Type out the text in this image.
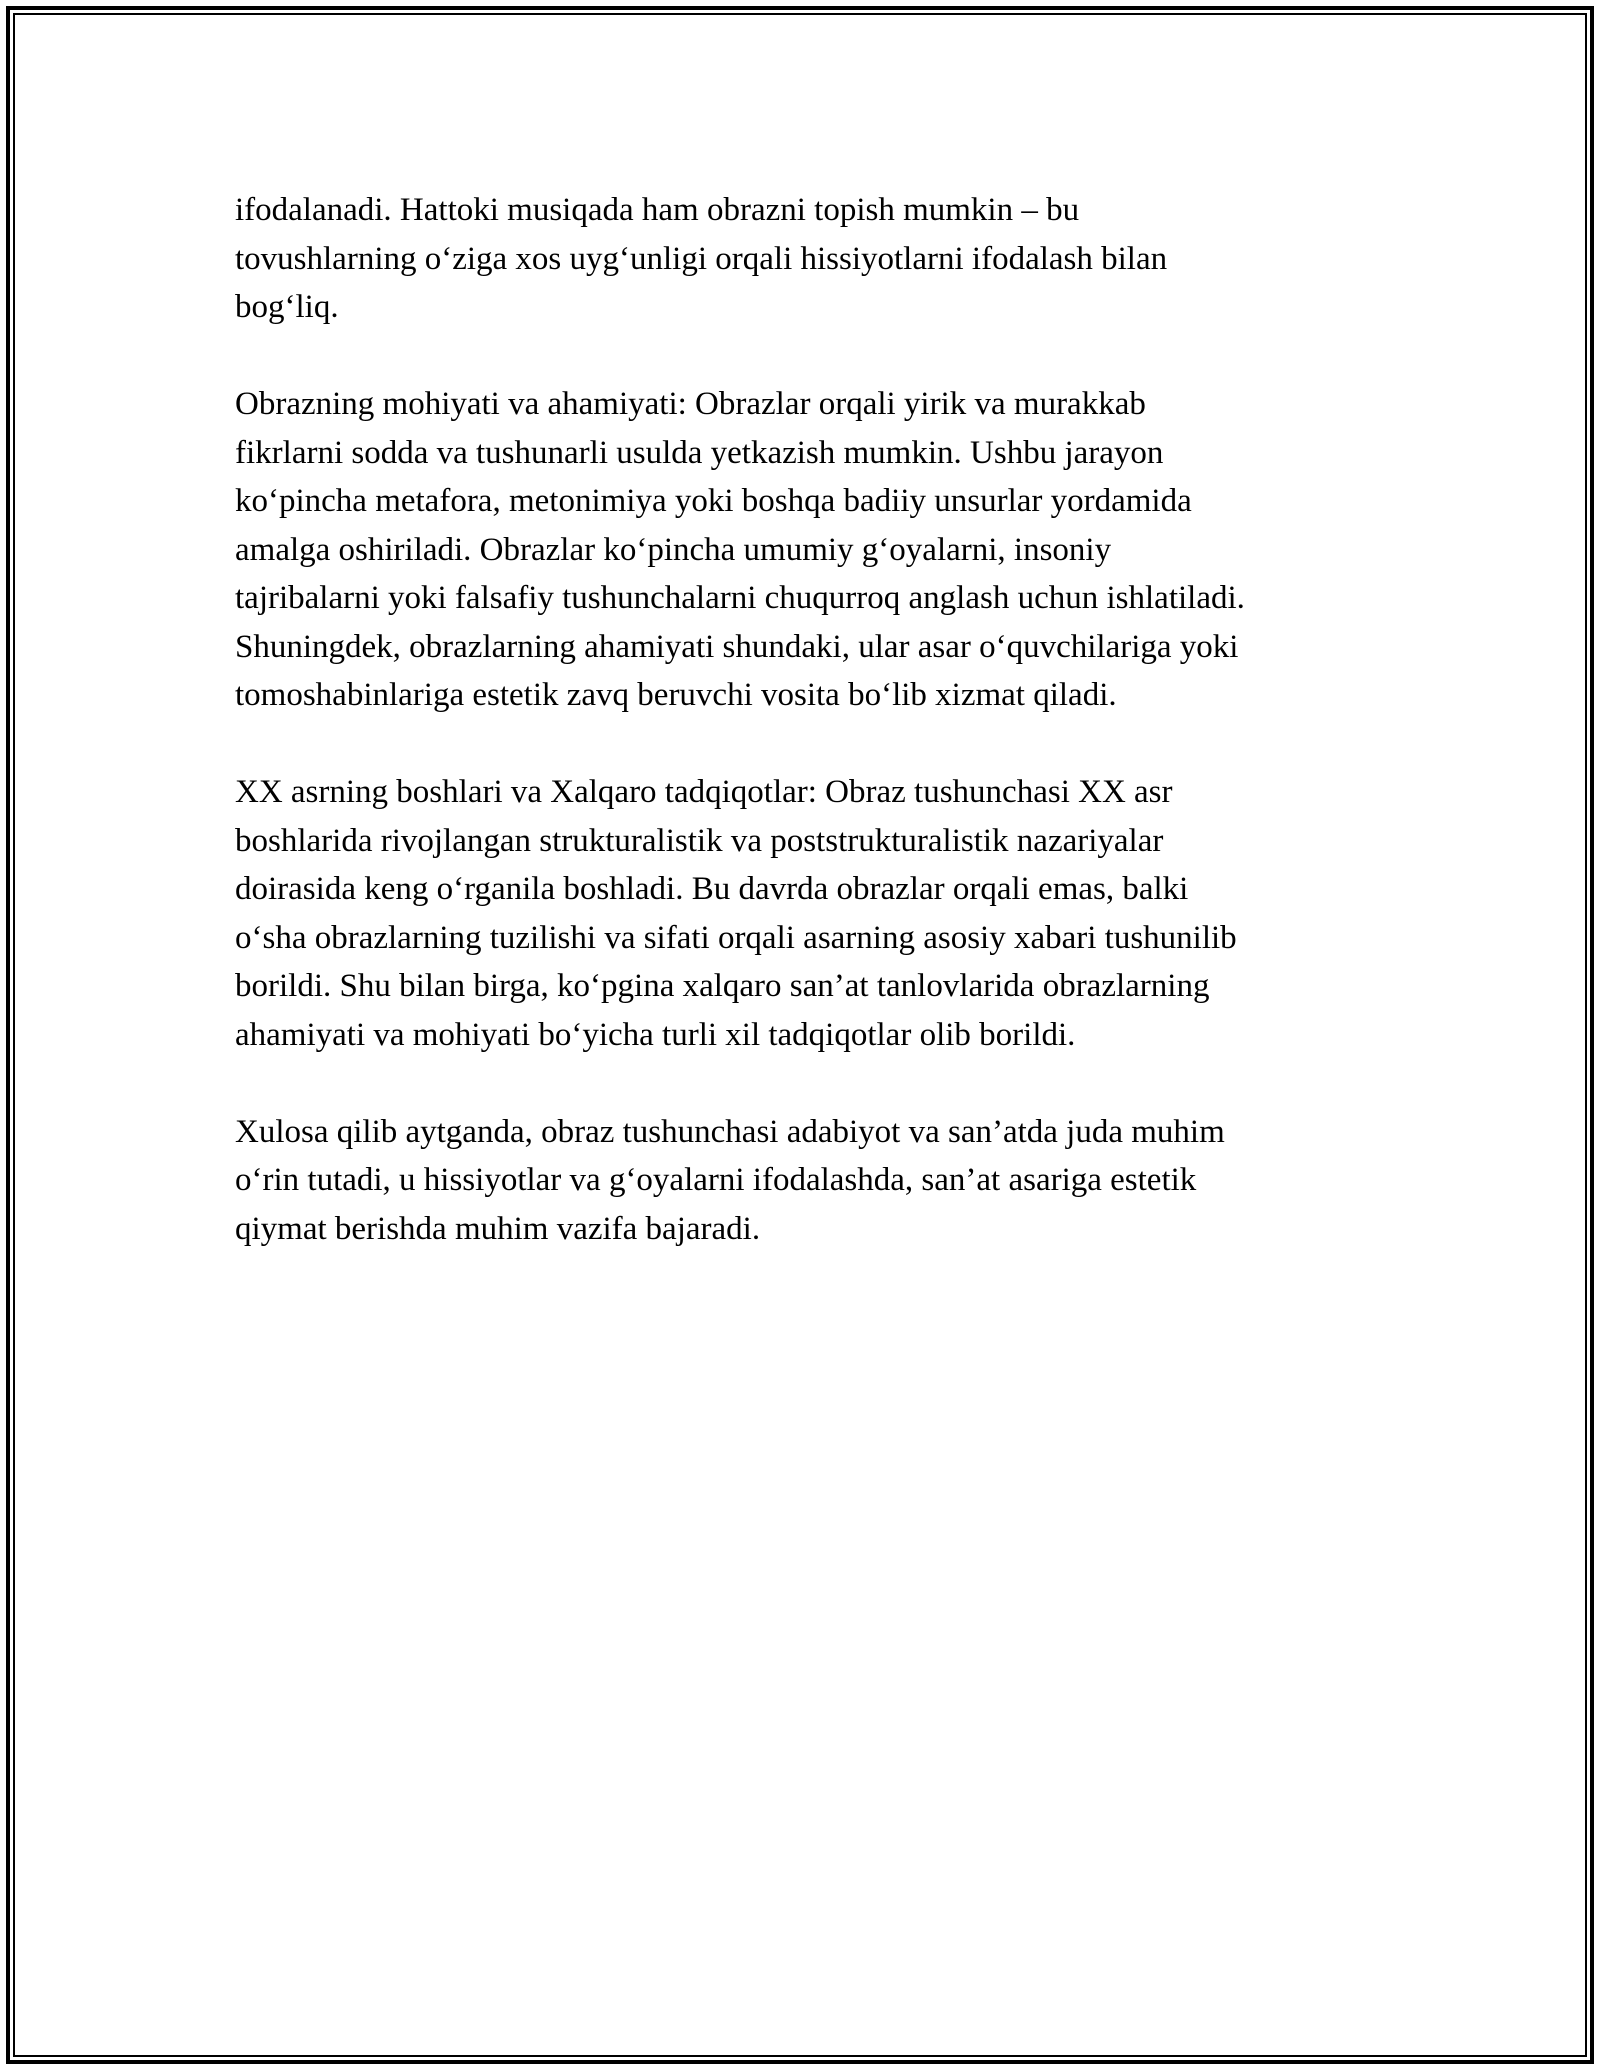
ifodalanadi. Hattoki musiqada ham obrazni topish mumkin – bu
tovushlarning o‘ziga xos uyg‘unligi orqali hissiyotlarni ifodalash bilan
bog‘liq.
Obrazning mohiyati va ahamiyati: Obrazlar orqali yirik va murakkab
fikrlarni sodda va tushunarli usulda yetkazish mumkin. Ushbu jarayon
ko‘pincha metafora, metonimiya yoki boshqa badiiy unsurlar yordamida
amalga oshiriladi. Obrazlar ko‘pincha umumiy g‘oyalarni, insoniy
tajribalarni yoki falsafiy tushunchalarni chuqurroq anglash uchun ishlatiladi.
Shuningdek, obrazlarning ahamiyati shundaki, ular asar o‘quvchilariga yoki
tomoshabinlariga estetik zavq beruvchi vosita bo‘lib xizmat qiladi.
XX asrning boshlari va Xalqaro tadqiqotlar: Obraz tushunchasi XX asr
boshlarida rivojlangan strukturalistik va poststrukturalistik nazariyalar
doirasida keng o‘rganila boshladi. Bu davrda obrazlar orqali emas, balki
o‘sha obrazlarning tuzilishi va sifati orqali asarning asosiy xabari tushunilib
borildi. Shu bilan birga, ko‘pgina xalqaro san’at tanlovlarida obrazlarning
ahamiyati va mohiyati bo‘yicha turli xil tadqiqotlar olib borildi.
Xulosa qilib aytganda, obraz tushunchasi adabiyot va san’atda juda muhim
o‘rin tutadi, u hissiyotlar va g‘oyalarni ifodalashda, san’at asariga estetik
qiymat berishda muhim vazifa bajaradi.
